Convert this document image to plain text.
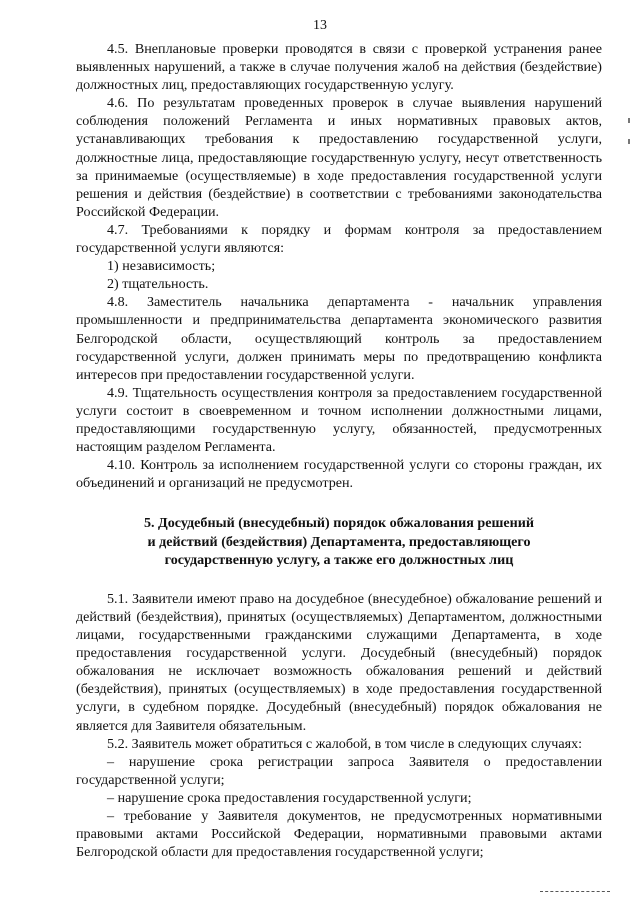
13

4.5. Внеплановые проверки проводятся в связи с проверкой устранения ранее выявленных нарушений, а также в случае получения жалоб на действия (бездействие) должностных лиц, предоставляющих государственную услугу.

4.6. По результатам проведенных проверок в случае выявления нарушений соблюдения положений Регламента и иных нормативных правовых актов, устанавливающих требования к предоставлению государственной услуги, должностные лица, предоставляющие государственную услугу, несут ответственность за принимаемые (осуществляемые) в ходе предоставления государственной услуги решения и действия (бездействие) в соответствии с требованиями законодательства Российской Федерации.

4.7. Требованиями к порядку и формам контроля за предоставлением государственной услуги являются:

1) независимость;

2) тщательность.

4.8. Заместитель начальника департамента - начальник управления промышленности и предпринимательства департамента экономического развития Белгородской области, осуществляющий контроль за предоставлением государственной услуги, должен принимать меры по предотвращению конфликта интересов при предоставлении государственной услуги.

4.9. Тщательность осуществления контроля за предоставлением государственной услуги состоит в своевременном и точном исполнении должностными лицами, предоставляющими государственную услугу, обязанностей, предусмотренных настоящим разделом Регламента.

4.10. Контроль за исполнением государственной услуги со стороны граждан, их объединений и организаций не предусмотрен.

5. Досудебный (внесудебный) порядок обжалования решений
и действий (бездействия) Департамента, предоставляющего
государственную услугу, а также его должностных лиц

5.1. Заявители имеют право на досудебное (внесудебное) обжалование решений и действий (бездействия), принятых (осуществляемых) Департаментом, должностными лицами, государственными гражданскими служащими Департамента, в ходе предоставления государственной услуги. Досудебный (внесудебный) порядок обжалования не исключает возможность обжалования решений и действий (бездействия), принятых (осуществляемых) в ходе предоставления государственной услуги, в судебном порядке. Досудебный (внесудебный) порядок обжалования не является для Заявителя обязательным.

5.2. Заявитель может обратиться с жалобой, в том числе в следующих случаях:

– нарушение срока регистрации запроса Заявителя о предоставлении государственной услуги;

– нарушение срока предоставления государственной услуги;

– требование у Заявителя документов, не предусмотренных нормативными правовыми актами Российской Федерации, нормативными правовыми актами Белгородской области для предоставления государственной услуги;
